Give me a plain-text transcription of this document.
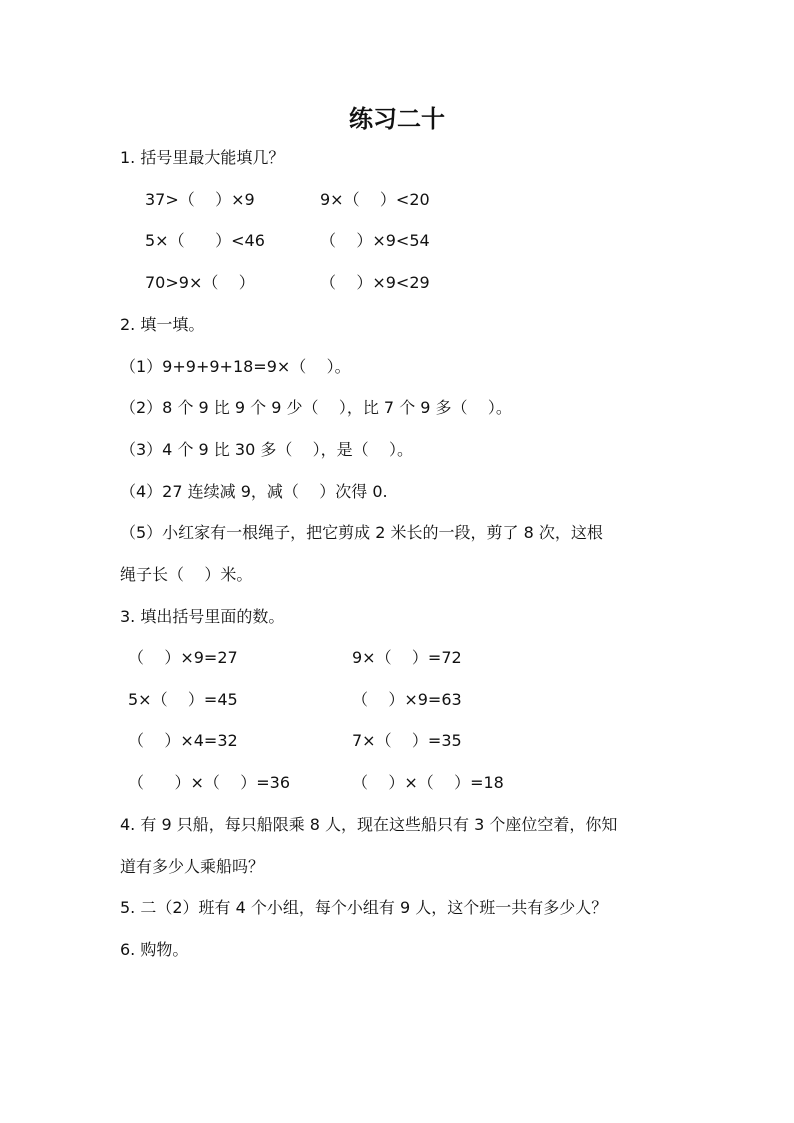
练习二十
1. 括号里最大能填几？
37>（    ）×9	9×（    ）<20
5×（      ）<46	（    ）×9<54
70>9×（    ）	（    ）×9<29
2. 填一填。
（1）9+9+9+18=9×（    ）。
（2）8 个 9 比 9 个 9 少（    ），比 7 个 9 多（    ）。
（3）4 个 9 比 30 多（    ），是（    ）。
（4）27 连续减 9，减（    ）次得 0.
（5）小红家有一根绳子，把它剪成 2 米长的一段，剪了 8 次，这根
绳子长（    ）米。
3. 填出括号里面的数。
（    ）×9=27	9×（    ）=72
5×（    ）=45	（    ）×9=63
（    ）×4=32	7×（    ）=35
（      ）×（    ）=36	（    ）×（    ）=18
4. 有 9 只船，每只船限乘 8 人，现在这些船只有 3 个座位空着，你知
道有多少人乘船吗？
5. 二（2）班有 4 个小组，每个小组有 9 人，这个班一共有多少人？
6. 购物。
